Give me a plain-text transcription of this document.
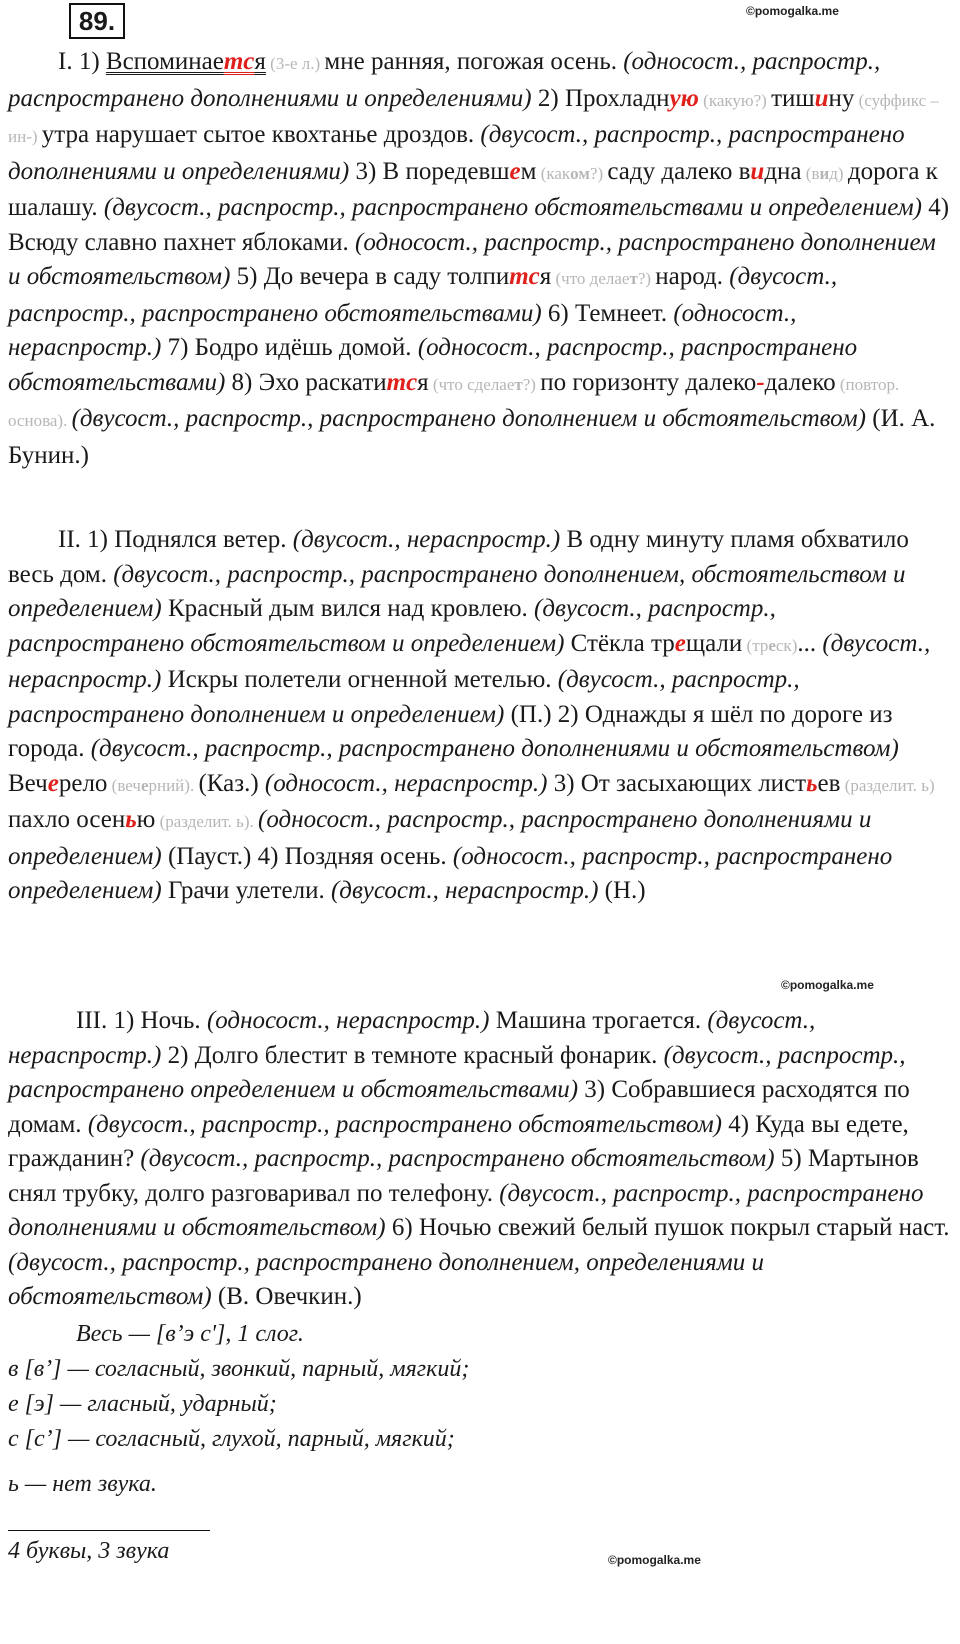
89.	©pomogalka.me

I. 1) Вспоминается (3-е л.) мне ранняя, погожая осень. (односост., распростр., распространено дополнениями и определениями) 2) Прохладную (какую?) тишину (суффикс –ин-) утра нарушает сытое квохтанье дроздов. (двусост., распростр., распространено дополнениями и определениями) 3) В поредевшем (каком?) саду далеко видна (вид) дорога к шалашу. (двусост., распростр., распространено обстоятельствами и определением) 4) Всюду славно пахнет яблоками. (односост., распростр., распространено дополнением и обстоятельством) 5) До вечера в саду толпится (что делает?) народ. (двусост., распростр., распространено обстоятельствами) 6) Темнеет. (односост., нераспростр.) 7) Бодро идёшь домой. (односост., распростр., распространено обстоятельствами) 8) Эхо раскатится (что сделает?) по горизонту далеко-далеко (повтор. основа). (двусост., распростр., распространено дополнением и обстоятельством) (И. А. Бунин.)

II. 1) Поднялся ветер. (двусост., нераспростр.) В одну минуту пламя обхватило весь дом. (двусост., распростр., распространено дополнением, обстоятельством и определением) Красный дым вился над кровлею. (двусост., распростр., распространено обстоятельством и определением) Стёкла трещали (треск)... (двусост., нераспростр.) Искры полетели огненной метелью. (двусост., распростр., распространено дополнением и определением) (П.) 2) Однажды я шёл по дороге из города. (двусост., распростр., распространено дополнениями и обстоятельством) Вечерело (вечерний). (Каз.) (односост., нераспростр.) 3) От засыхающих листьев (разделит. ь) пахло осенью (разделит. ь). (односост., распростр., распространено дополнениями и определением) (Пауст.) 4) Поздняя осень. (односост., распростр., распространено определением) Грачи улетели. (двусост., нераспростр.) (Н.)

©pomogalka.me

III. 1) Ночь. (односост., нераспростр.) Машина трогается. (двусост., нераспростр.) 2) Долго блестит в темноте красный фонарик. (двусост., распростр., распространено определением и обстоятельствами) 3) Собравшиеся расходятся по домам. (двусост., распростр., распространено обстоятельством) 4) Куда вы едете, гражданин? (двусост., распростр., распространено обстоятельством) 5) Мартынов снял трубку, долго разговаривал по телефону. (двусост., распростр., распространено дополнениями и обстоятельством) 6) Ночью свежий белый пушок покрыл старый наст. (двусост., распростр., распространено дополнением, определениями и обстоятельством) (В. Овечкин.)

Весь — [в’э с'], 1 слог.

в [в’] — согласный, звонкий, парный, мягкий;

е [э] — гласный, ударный;

с [с’] — согласный, глухой, парный, мягкий;

ь — нет звука.

©pomogalka.me

4 буквы, 3 звука
